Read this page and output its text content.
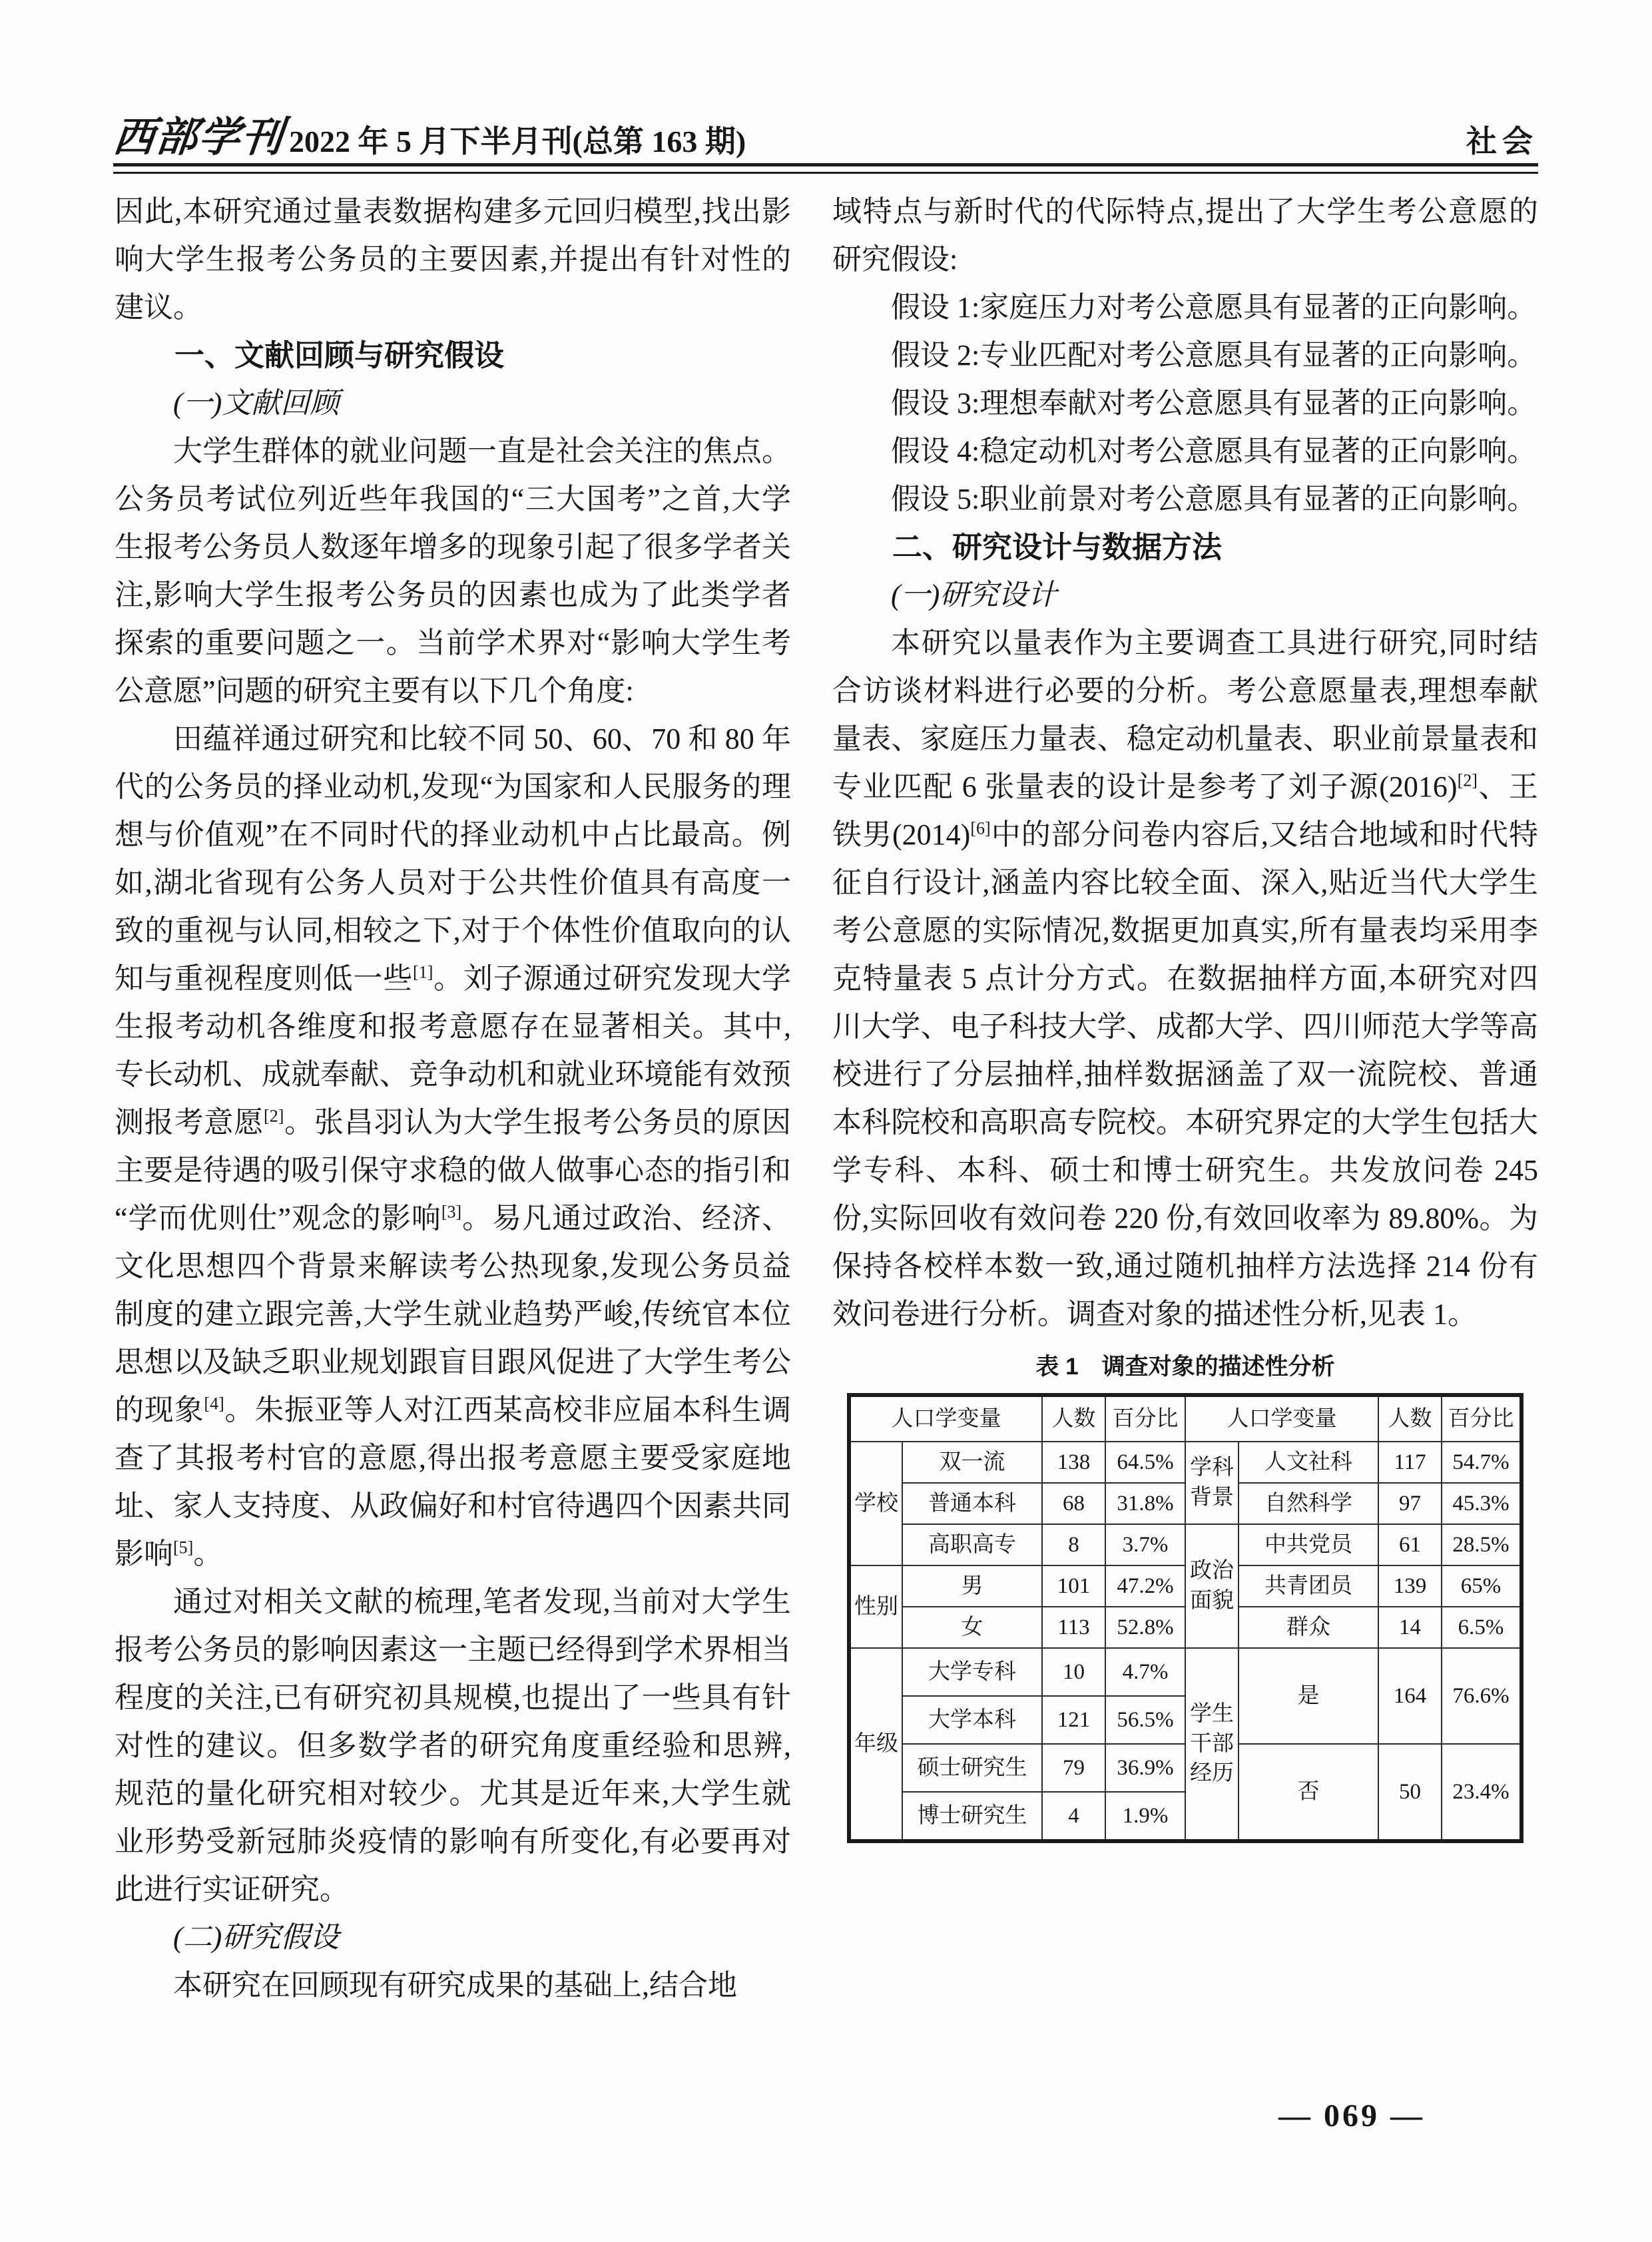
西部学刊 2022 年 5 月下半月刊(总第 163 期)	社会

因此,本研究通过量表数据构建多元回归模型,找出影响大学生报考公务员的主要因素,并提出有针对性的建议。

一、文献回顾与研究假设

(一)文献回顾

大学生群体的就业问题一直是社会关注的焦点。公务员考试位列近些年我国的“三大国考”之首,大学生报考公务员人数逐年增多的现象引起了很多学者关注,影响大学生报考公务员的因素也成为了此类学者探索的重要问题之一。当前学术界对“影响大学生考公意愿”问题的研究主要有以下几个角度:

田蕴祥通过研究和比较不同 50、60、70 和 80 年代的公务员的择业动机,发现“为国家和人民服务的理想与价值观”在不同时代的择业动机中占比最高。例如,湖北省现有公务人员对于公共性价值具有高度一致的重视与认同,相较之下,对于个体性价值取向的认知与重视程度则低一些[1]。刘子源通过研究发现大学生报考动机各维度和报考意愿存在显著相关。其中,专长动机、成就奉献、竞争动机和就业环境能有效预测报考意愿[2]。张昌羽认为大学生报考公务员的原因主要是待遇的吸引保守求稳的做人做事心态的指引和“学而优则仕”观念的影响[3]。易凡通过政治、经济、文化思想四个背景来解读考公热现象,发现公务员益制度的建立跟完善,大学生就业趋势严峻,传统官本位思想以及缺乏职业规划跟盲目跟风促进了大学生考公的现象[4]。朱振亚等人对江西某高校非应届本科生调查了其报考村官的意愿,得出报考意愿主要受家庭地址、家人支持度、从政偏好和村官待遇四个因素共同影响[5]。

通过对相关文献的梳理,笔者发现,当前对大学生报考公务员的影响因素这一主题已经得到学术界相当程度的关注,已有研究初具规模,也提出了一些具有针对性的建议。但多数学者的研究角度重经验和思辨,规范的量化研究相对较少。尤其是近年来,大学生就业形势受新冠肺炎疫情的影响有所变化,有必要再对此进行实证研究。

(二)研究假设

本研究在回顾现有研究成果的基础上,结合地

域特点与新时代的代际特点,提出了大学生考公意愿的研究假设:

假设 1:家庭压力对考公意愿具有显著的正向影响。

假设 2:专业匹配对考公意愿具有显著的正向影响。

假设 3:理想奉献对考公意愿具有显著的正向影响。

假设 4:稳定动机对考公意愿具有显著的正向影响。

假设 5:职业前景对考公意愿具有显著的正向影响。

二、研究设计与数据方法

(一)研究设计

本研究以量表作为主要调查工具进行研究,同时结合访谈材料进行必要的分析。考公意愿量表,理想奉献量表、家庭压力量表、稳定动机量表、职业前景量表和专业匹配 6 张量表的设计是参考了刘子源(2016)[2]、王铁男(2014)[6]中的部分问卷内容后,又结合地域和时代特征自行设计,涵盖内容比较全面、深入,贴近当代大学生考公意愿的实际情况,数据更加真实,所有量表均采用李克特量表 5 点计分方式。在数据抽样方面,本研究对四川大学、电子科技大学、成都大学、四川师范大学等高校进行了分层抽样,抽样数据涵盖了双一流院校、普通本科院校和高职高专院校。本研究界定的大学生包括大学专科、本科、硕士和博士研究生。共发放问卷 245 份,实际回收有效问卷 220 份,有效回收率为 89.80%。为保持各校样本数一致,通过随机抽样方法选择 214 份有效问卷进行分析。调查对象的描述性分析,见表 1。

表 1　调查对象的描述性分析

人口学变量		人数	百分比	人口学变量		人数	百分比
学校	双一流	138	64.5%	学科背景	人文社科	117	54.7%
	普通本科	68	31.8%		自然科学	97	45.3%
	高职高专	8	3.7%	政治面貌	中共党员	61	28.5%
性别	男	101	47.2%		共青团员	139	65%
	女	113	52.8%		群众	14	6.5%
年级	大学专科	10	4.7%	学生干部经历	是	164	76.6%
	大学本科	121	56.5%				
	硕士研究生	79	36.9%		否	50	23.4%
	博士研究生	4	1.9%				
— 069 —
